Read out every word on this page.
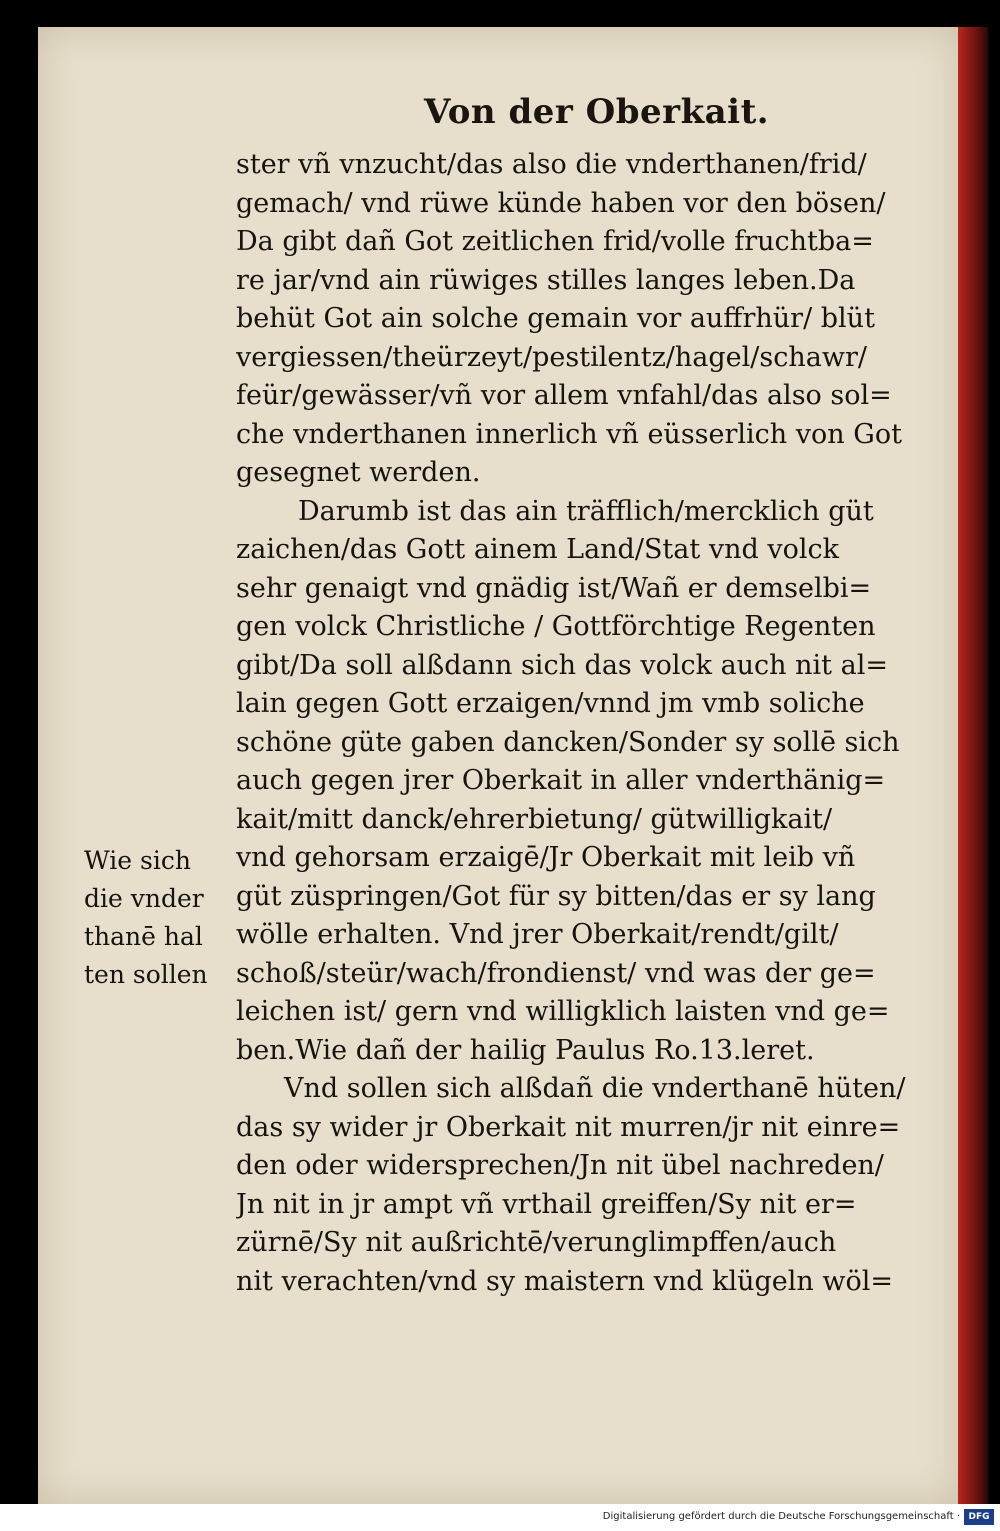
Von der Oberkait.
ster vñ vnzucht/das also die vnderthanen/frid/
gemach/ vnd rüwe künde haben vor den bösen/
Da gibt dañ Got zeitlichen frid/volle fruchtba=
re jar/vnd ain rüwiges stilles langes leben.Da
behüt Got ain solche gemain vor auffrhür/ blüt
vergiessen/theürzeyt/pestilentz/hagel/schawr/
feür/gewässer/vñ vor allem vnfahl/das also sol=
che vnderthanen innerlich vñ eüsserlich von Got
gesegnet werden.
Darumb ist das ain träfflich/mercklich güt
zaichen/das Gott ainem Land/Stat vnd volck
sehr genaigt vnd gnädig ist/Wañ er demselbi=
gen volck Christliche / Gottförchtige Regenten
gibt/Da soll alßdann sich das volck auch nit al=
lain gegen Gott erzaigen/vnnd jm vmb soliche
schöne güte gaben dancken/Sonder sy sollē sich
auch gegen jrer Oberkait in aller vnderthänig=
kait/mitt danck/ehrerbietung/ gütwilligkait/
vnd gehorsam erzaigē/Jr Oberkait mit leib vñ
güt züspringen/Got für sy bitten/das er sy lang
wölle erhalten. Vnd jrer Oberkait/rendt/gilt/
schoß/steür/wach/frondienst/ vnd was der ge=
leichen ist/ gern vnd willigklich laisten vnd ge=
ben.Wie dañ der hailig Paulus Ro.13.leret.
Vnd sollen sich alßdañ die vnderthanē hüten/
das sy wider jr Oberkait nit murren/jr nit einre=
den oder widersprechen/Jn nit übel nachreden/
Jn nit in jr ampt vñ vrthail greiffen/Sy nit er=
zürnē/Sy nit außrichtē/verunglimpffen/auch
nit verachten/vnd sy maistern vnd klügeln wöl=
Wie sich
die vnder
thanē hal
ten sollen
Digitalisierung gefördert durch die Deutsche Forschungsgemeinschaft · DFG
